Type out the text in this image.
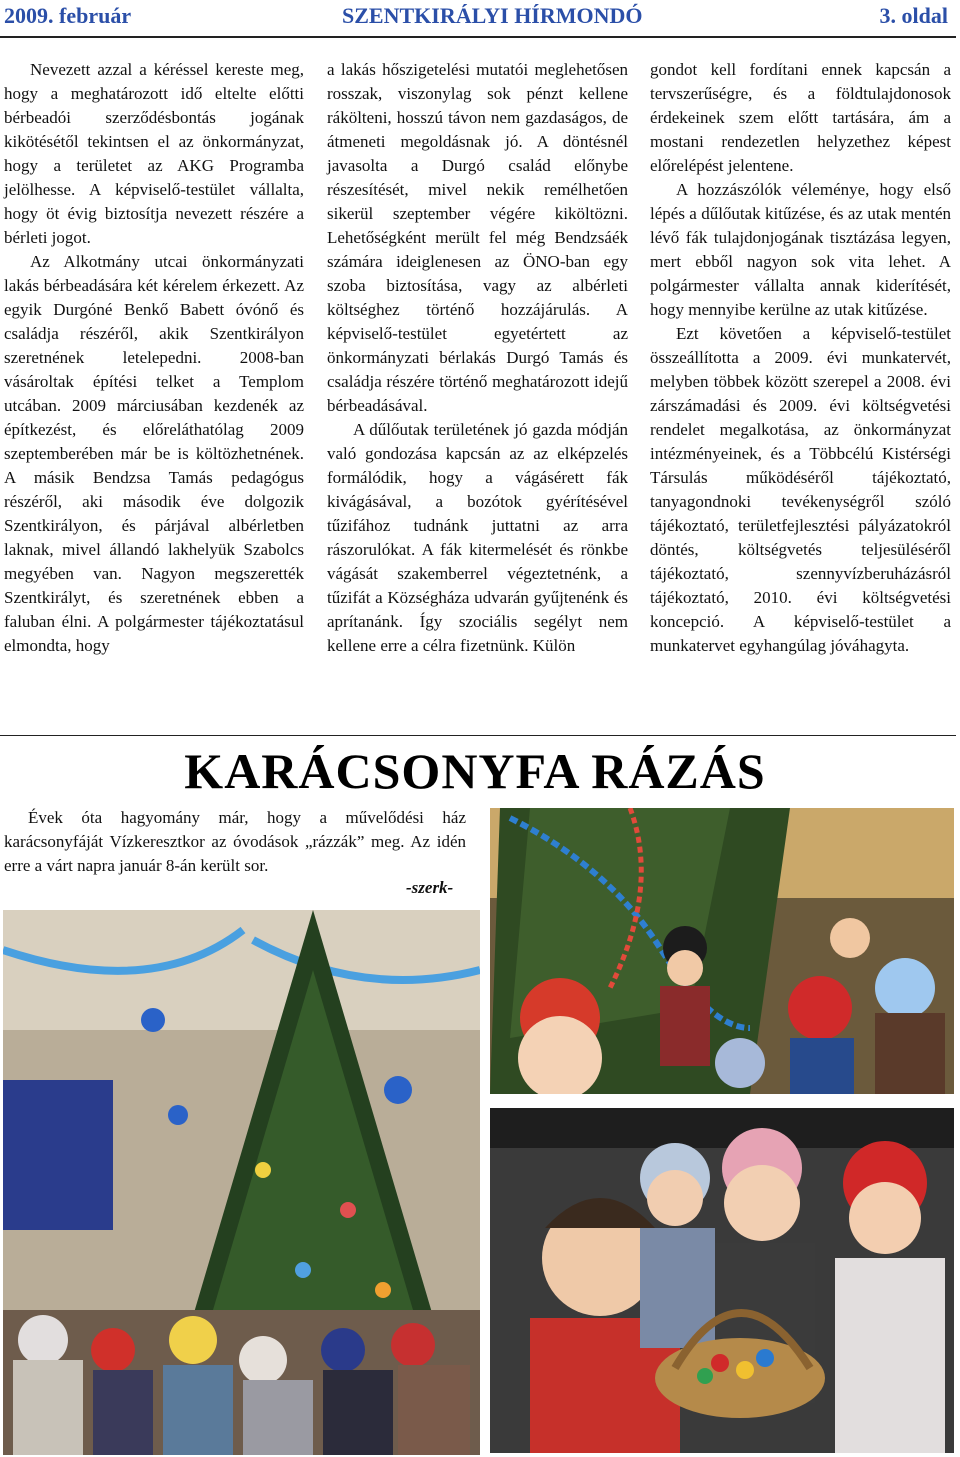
2009. február	SZENTKIRÁLYI HÍRMONDÓ	3. oldal

Nevezett azzal a kéréssel kereste meg, hogy a meghatározott idő eltelte előtti bérbeadói szerződésbontás jogának kikötésétől tekintsen el az önkormányzat, hogy a területet az AKG Programba jelölhesse. A képviselő-testület vállalta, hogy öt évig biztosítja nevezett részére a bérleti jogot.

Az Alkotmány utcai önkormányzati lakás bérbeadására két kérelem érkezett. Az egyik Durgóné Benkő Babett óvónő és családja részéről, akik Szentkirályon szeretnének letelepedni. 2008-ban vásároltak építési telket a Templom utcában. 2009 márciusában kezdenék az építkezést, és előreláthatólag 2009 szeptemberében már be is költözhetnének. A másik Bendzsa Tamás pedagógus részéről, aki második éve dolgozik Szentkirályon, és párjával albérletben laknak, mivel állandó lakhelyük Szabolcs megyében van. Nagyon megszerették Szentkirályt, és szeretnének ebben a faluban élni. A polgármester tájékoztatásul elmondta, hogy

a lakás hőszigetelési mutatói meglehetősen rosszak, viszonylag sok pénzt kellene rákölteni, hosszú távon nem gazdaságos, de átmeneti megoldásnak jó. A döntésnél javasolta a Durgó család előnybe részesítését, mivel nekik remélhetően sikerül szeptember végére kiköltözni. Lehetőségként merült fel még Bendzsáék számára ideiglenesen az ÖNO-ban egy szoba biztosítása, vagy az albérleti költséghez történő hozzájárulás. A képviselő-testület egyetértett az önkormányzati bérlakás Durgó Tamás és családja részére történő meghatározott idejű bérbeadásával.

A dűlőutak területének jó gazda módján való gondozása kapcsán az az elképzelés formálódik, hogy a vágásérett fák kivágásával, a bozótok gyérítésével tűzifához tudnánk juttatni az arra rászorulókat. A fák kitermelését és rönkbe vágását szakemberrel végeztetnénk, a tűzifát a Községháza udvarán gyűjtenénk és aprítanánk. Így szociális segélyt nem kellene erre a célra fizetnünk. Külön

gondot kell fordítani ennek kapcsán a tervszerűségre, és a földtulajdonosok érdekeinek szem előtt tartására, ám a mostani rendezetlen helyzethez képest előrelépést jelentene.

A hozzászólók véleménye, hogy első lépés a dűlőutak kitűzése, és az utak mentén lévő fák tulajdonjogának tisztázása legyen, mert ebből nagyon sok vita lehet. A polgármester vállalta annak kiderítését, hogy mennyibe kerülne az utak kitűzése.

Ezt követően a képviselő-testület összeállította a 2009. évi munkatervét, melyben többek között szerepel a 2008. évi zárszámadási és 2009. évi költségvetési rendelet megalkotása, az önkormányzat intézményeinek, és a Többcélú Kistérségi Társulás működéséről tájékoztató, tanyagondnoki tevékenységről szóló tájékoztató, területfejlesztési pályázatokról döntés, költségvetés teljesüléséről tájékoztató, szennyvízberuházásról tájékoztató, 2010. évi költségvetési koncepció. A képviselő-testület a munkatervet egyhangúlag jóváhagyta.

KARÁCSONYFA RÁZÁS

Évek óta hagyomány már, hogy a művelődési ház karácsonyfáját Vízkeresztkor az óvodások „rázzák” meg. Az idén erre a várt napra január 8-án került sor.

-szerk-
